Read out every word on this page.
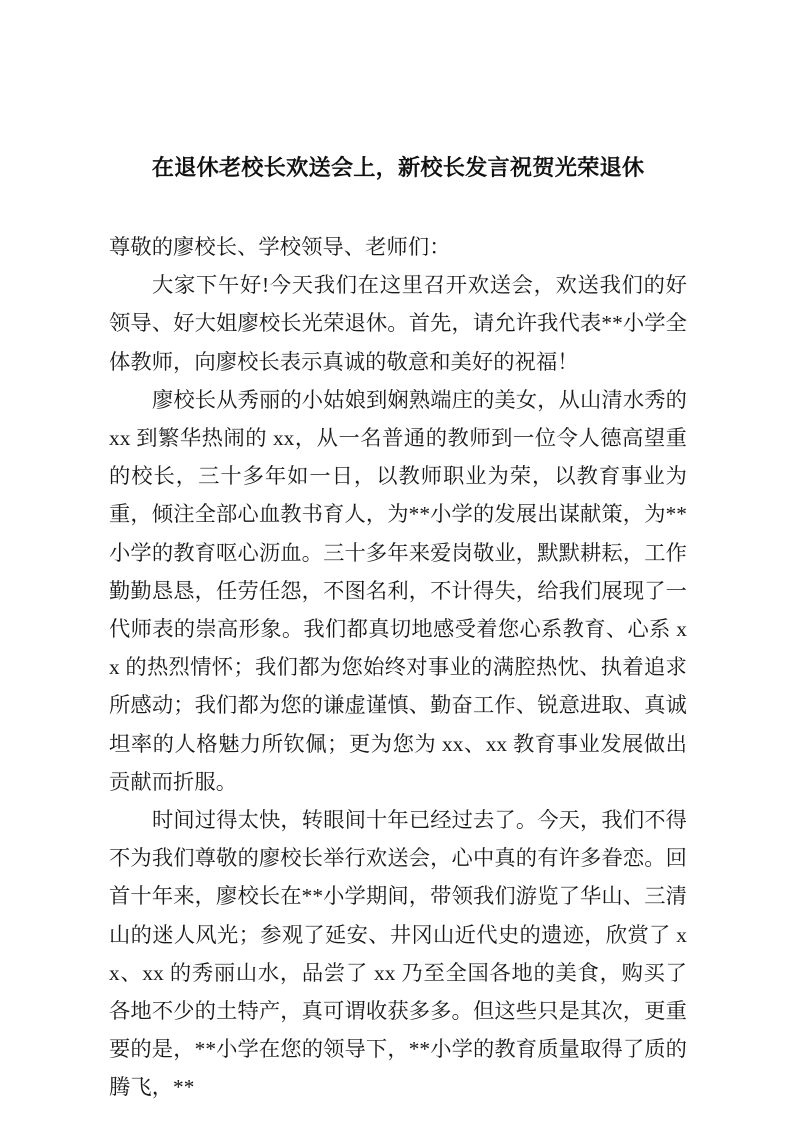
在退休老校长欢送会上，新校长发言祝贺光荣退休

尊敬的廖校长、学校领导、老师们：

大家下午好!今天我们在这里召开欢送会，欢送我们的好领导、好大姐廖校长光荣退休。首先，请允许我代表**小学全体教师，向廖校长表示真诚的敬意和美好的祝福！

廖校长从秀丽的小姑娘到娴熟端庄的美女，从山清水秀的 xx 到繁华热闹的 xx，从一名普通的教师到一位令人德高望重的校长，三十多年如一日，以教师职业为荣，以教育事业为重，倾注全部心血教书育人，为**小学的发展出谋献策，为**小学的教育呕心沥血。三十多年来爱岗敬业，默默耕耘，工作勤勤恳恳，任劳任怨，不图名利，不计得失，给我们展现了一代师表的崇高形象。我们都真切地感受着您心系教育、心系 xx 的热烈情怀；我们都为您始终对事业的满腔热忱、执着追求所感动；我们都为您的谦虚谨慎、勤奋工作、锐意进取、真诚坦率的人格魅力所钦佩；更为您为 xx、xx 教育事业发展做出贡献而折服。

时间过得太快，转眼间十年已经过去了。今天，我们不得不为我们尊敬的廖校长举行欢送会，心中真的有许多眷恋。回首十年来，廖校长在**小学期间，带领我们游览了华山、三清山的迷人风光；参观了延安、井冈山近代史的遗迹，欣赏了 xx、xx 的秀丽山水，品尝了 xx 乃至全国各地的美食，购买了各地不少的土特产，真可谓收获多多。但这些只是其次，更重要的是，**小学在您的领导下，**小学的教育质量取得了质的腾飞，**
